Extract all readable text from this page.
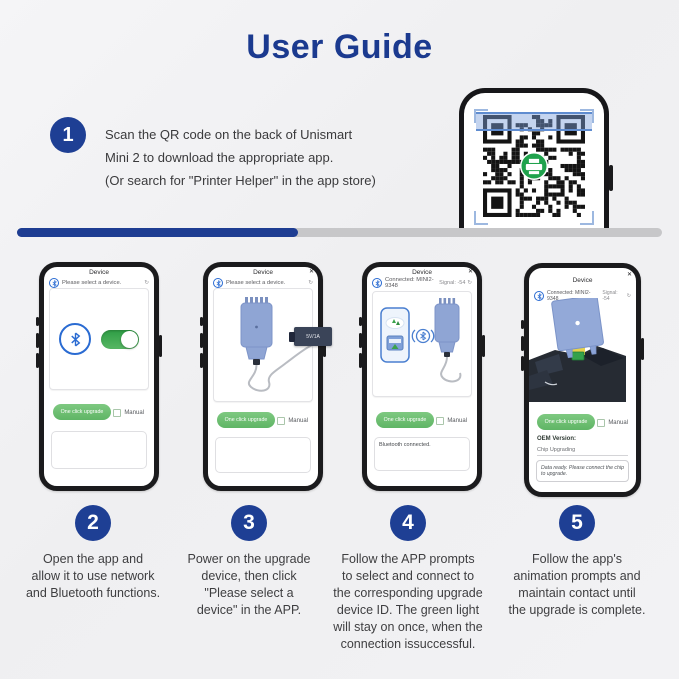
User Guide
1 Scan the QR code on the back of Unismart
Mini 2 to download the appropriate app.
(Or search for "Printer Helper" in the app store)
Device
Please select a device.	↻
One click upgrade	Manual
Device	✕
Please select a device.	↻
5V/1A
One click upgrade	Manual
Device	✕
Connected: MINI2-
9348	Signal: -54 ↻
One click upgrade	Manual
Bluetooth connected.
Device
✕
Connected: MINI2-9348
Signal: -54	↻
One click upgrade	Manual
OEM Version:
Chip Upgrading
Data ready. Please connect the chip to upgrade.
2	3	4	5
Open the app and
allow it to use network
and Bluetooth functions.
Power on the upgrade
device, then click
"Please select a
device" in the APP.
Follow the APP prompts
to select and connect to
the corresponding upgrade
device ID. The green light
will stay on once, when the
connection issuccessful.
Follow the app's
animation prompts and
maintain contact until
the upgrade is complete.
